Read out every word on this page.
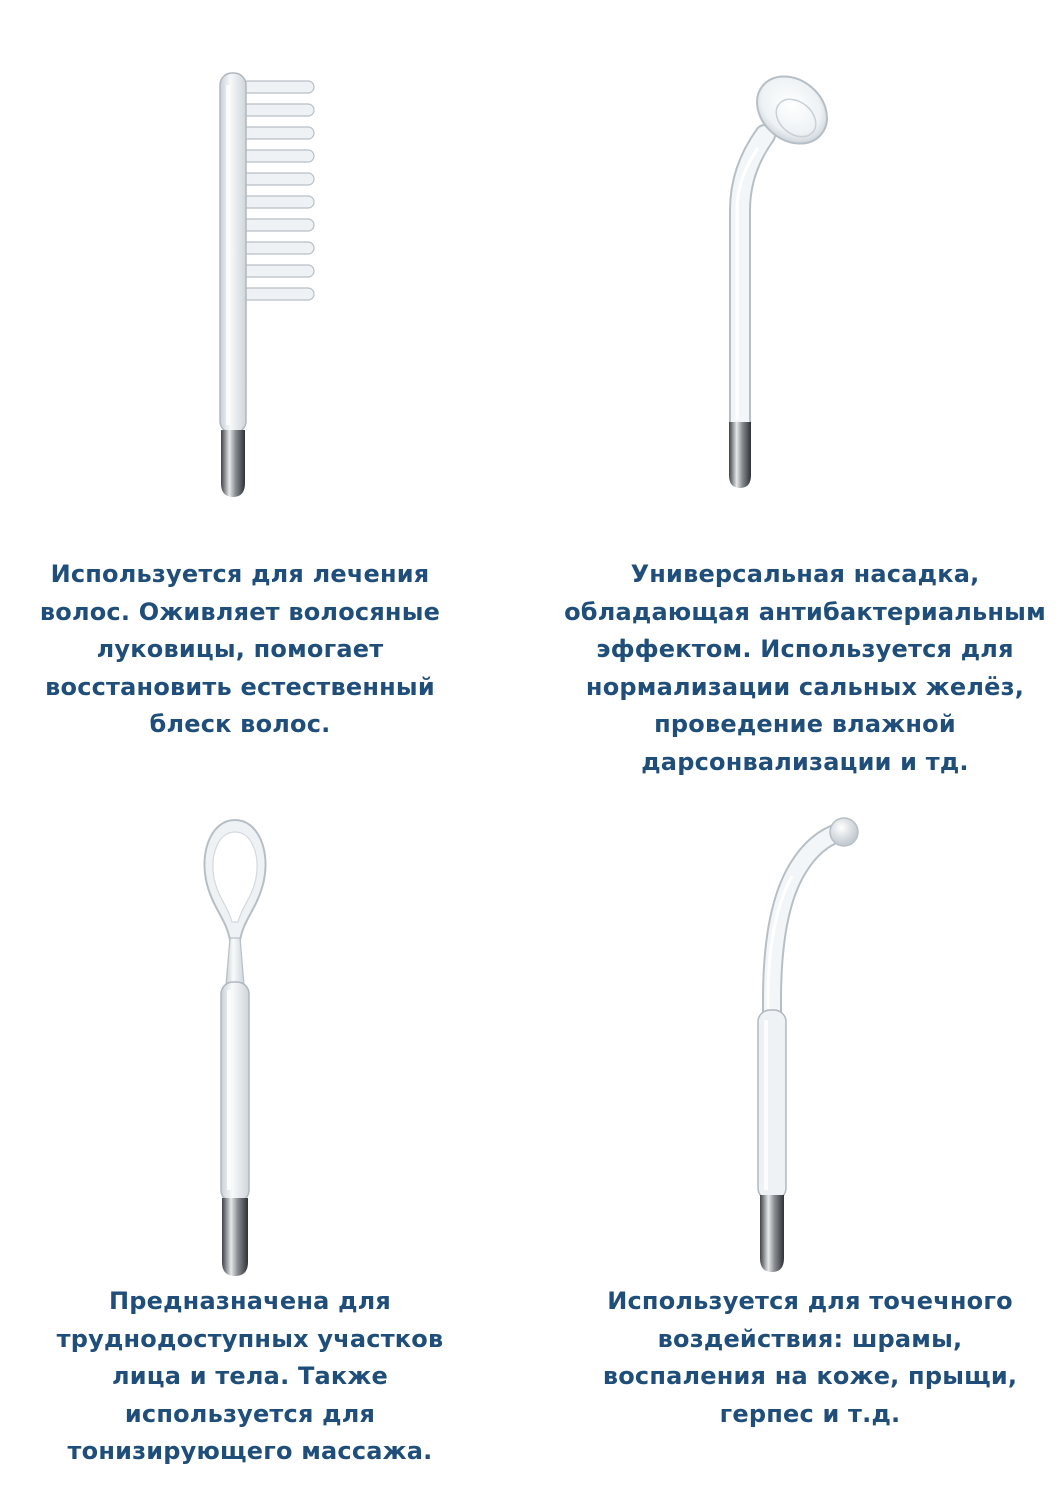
Используется для лечения
волос. Оживляет волосяные
луковицы, помогает
восстановить естественный
блеск волос.
Универсальная насадка,
обладающая антибактериальным
эффектом. Используется для
нормализации сальных желёз,
проведение влажной
дарсонвализации и тд.
Предназначена для
труднодоступных участков
лица и тела. Также
используется для
тонизирующего массажа.
Используется для точечного
воздействия: шрамы,
воспаления на коже, прыщи,
герпес и т.д.
